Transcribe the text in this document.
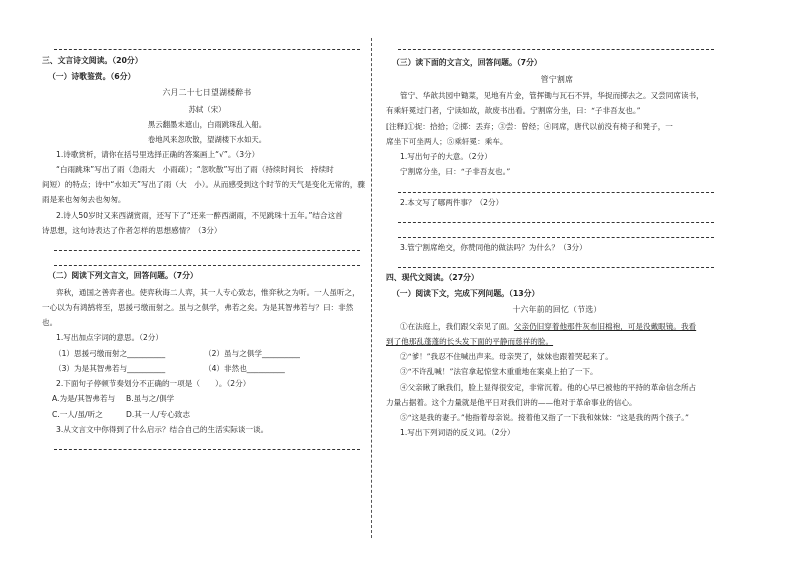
三、文言诗文阅读。（20分）
（一）诗歌鉴赏。（6分）
六月二十七日望湖楼醉书
苏轼（宋）
黑云翻墨未遮山，白雨跳珠乱入船。
卷地风来忽吹散，望湖楼下水如天。
1.诗歌赏析，请你在括号里选择正确的答案画上“√”。（3分）
“白雨跳珠”写出了雨（急雨大　小雨疏）；“忽吹散”写出了雨（持续时间长　持续时
间短）的特点；诗中“水如天”写出了雨（大　小）。从而感受到这个时节的天气是变化无常的，骤
雨是来也匆匆去也匆匆。
2.诗人50岁时又来西湖赏雨，还写下了“还来一醉西湖雨，不见跳珠十五年。”结合这首
诗思想，这句诗表达了作者怎样的思想感情？（3分）
（二）阅读下列文言文，回答问题。（7分）
弈秋，通国之善弈者也。使弈秋诲二人弈，其一人专心致志，惟弈秋之为听。一人虽听之，
一心以为有鸿鹄将至，思援弓缴而射之。虽与之俱学，弗若之矣。为是其智弗若与？曰：非然
也。
1.写出加点字词的意思。（2分）
（1）思援弓缴而射之__________	（2）虽与之俱学__________
（3）为是其智弗若与__________	（4）非然也__________
2.下面句子停顿节奏划分不正确的一项是（　　）。（2分）
A.为是/其智弗若与	B.虽与之/俱学
C.一人/虽/听之	D.其一人/专心致志
3.从文言文中你得到了什么启示？结合自己的生活实际谈一谈。
（三）读下面的文言文，回答问题。（7分）
管宁割席
管宁、华歆共园中锄菜，见地有片金，管挥锄与瓦石不异，华捉而掷去之。又尝同席读书，
有乘轩冕过门者，宁读如故，歆废书出看。宁割席分坐，曰：“子非吾友也。”
[注释]①捉：拾拾；②掷：丢弃；③尝：曾经；④同席，唐代以前没有椅子和凳子，一
席坐下可坐两人；⑤乘轩冕：乘车。
1.写出句子的大意。（2分）
宁割席分坐，曰：“子非吾友也。”
2.本文写了哪两件事？（2分）
3.管宁割席绝交，你赞同他的做法吗？为什么？（3分）
四、现代文阅读。（27分）
（一）阅读下文，完成下列问题。（13分）
十六年前的回忆（节选）
①在法庭上，我们跟父亲见了面。父亲仍旧穿着他那件灰布旧棉袍，可是没戴眼镜。我看
到了他那乱蓬蓬的长头发下面的平静而慈祥的脸。
②“爹！”我忍不住喊出声来。母亲哭了，妹妹也跟着哭起来了。
③“不许乱喊！”法官拿起惊堂木重重地在案桌上拍了一下。
④父亲瞅了瞅我们，脸上显得很安定，非常沉着。他的心早已被他的平持的革命信念所占
力量占据着。这个力量就是他平日对我们讲的——他对于革命事业的信心。
⑤“这是我的妻子。”他指着母亲说。接着他又指了一下我和妹妹：“这是我的两个孩子。”
1.写出下列词语的反义词。（2分）
